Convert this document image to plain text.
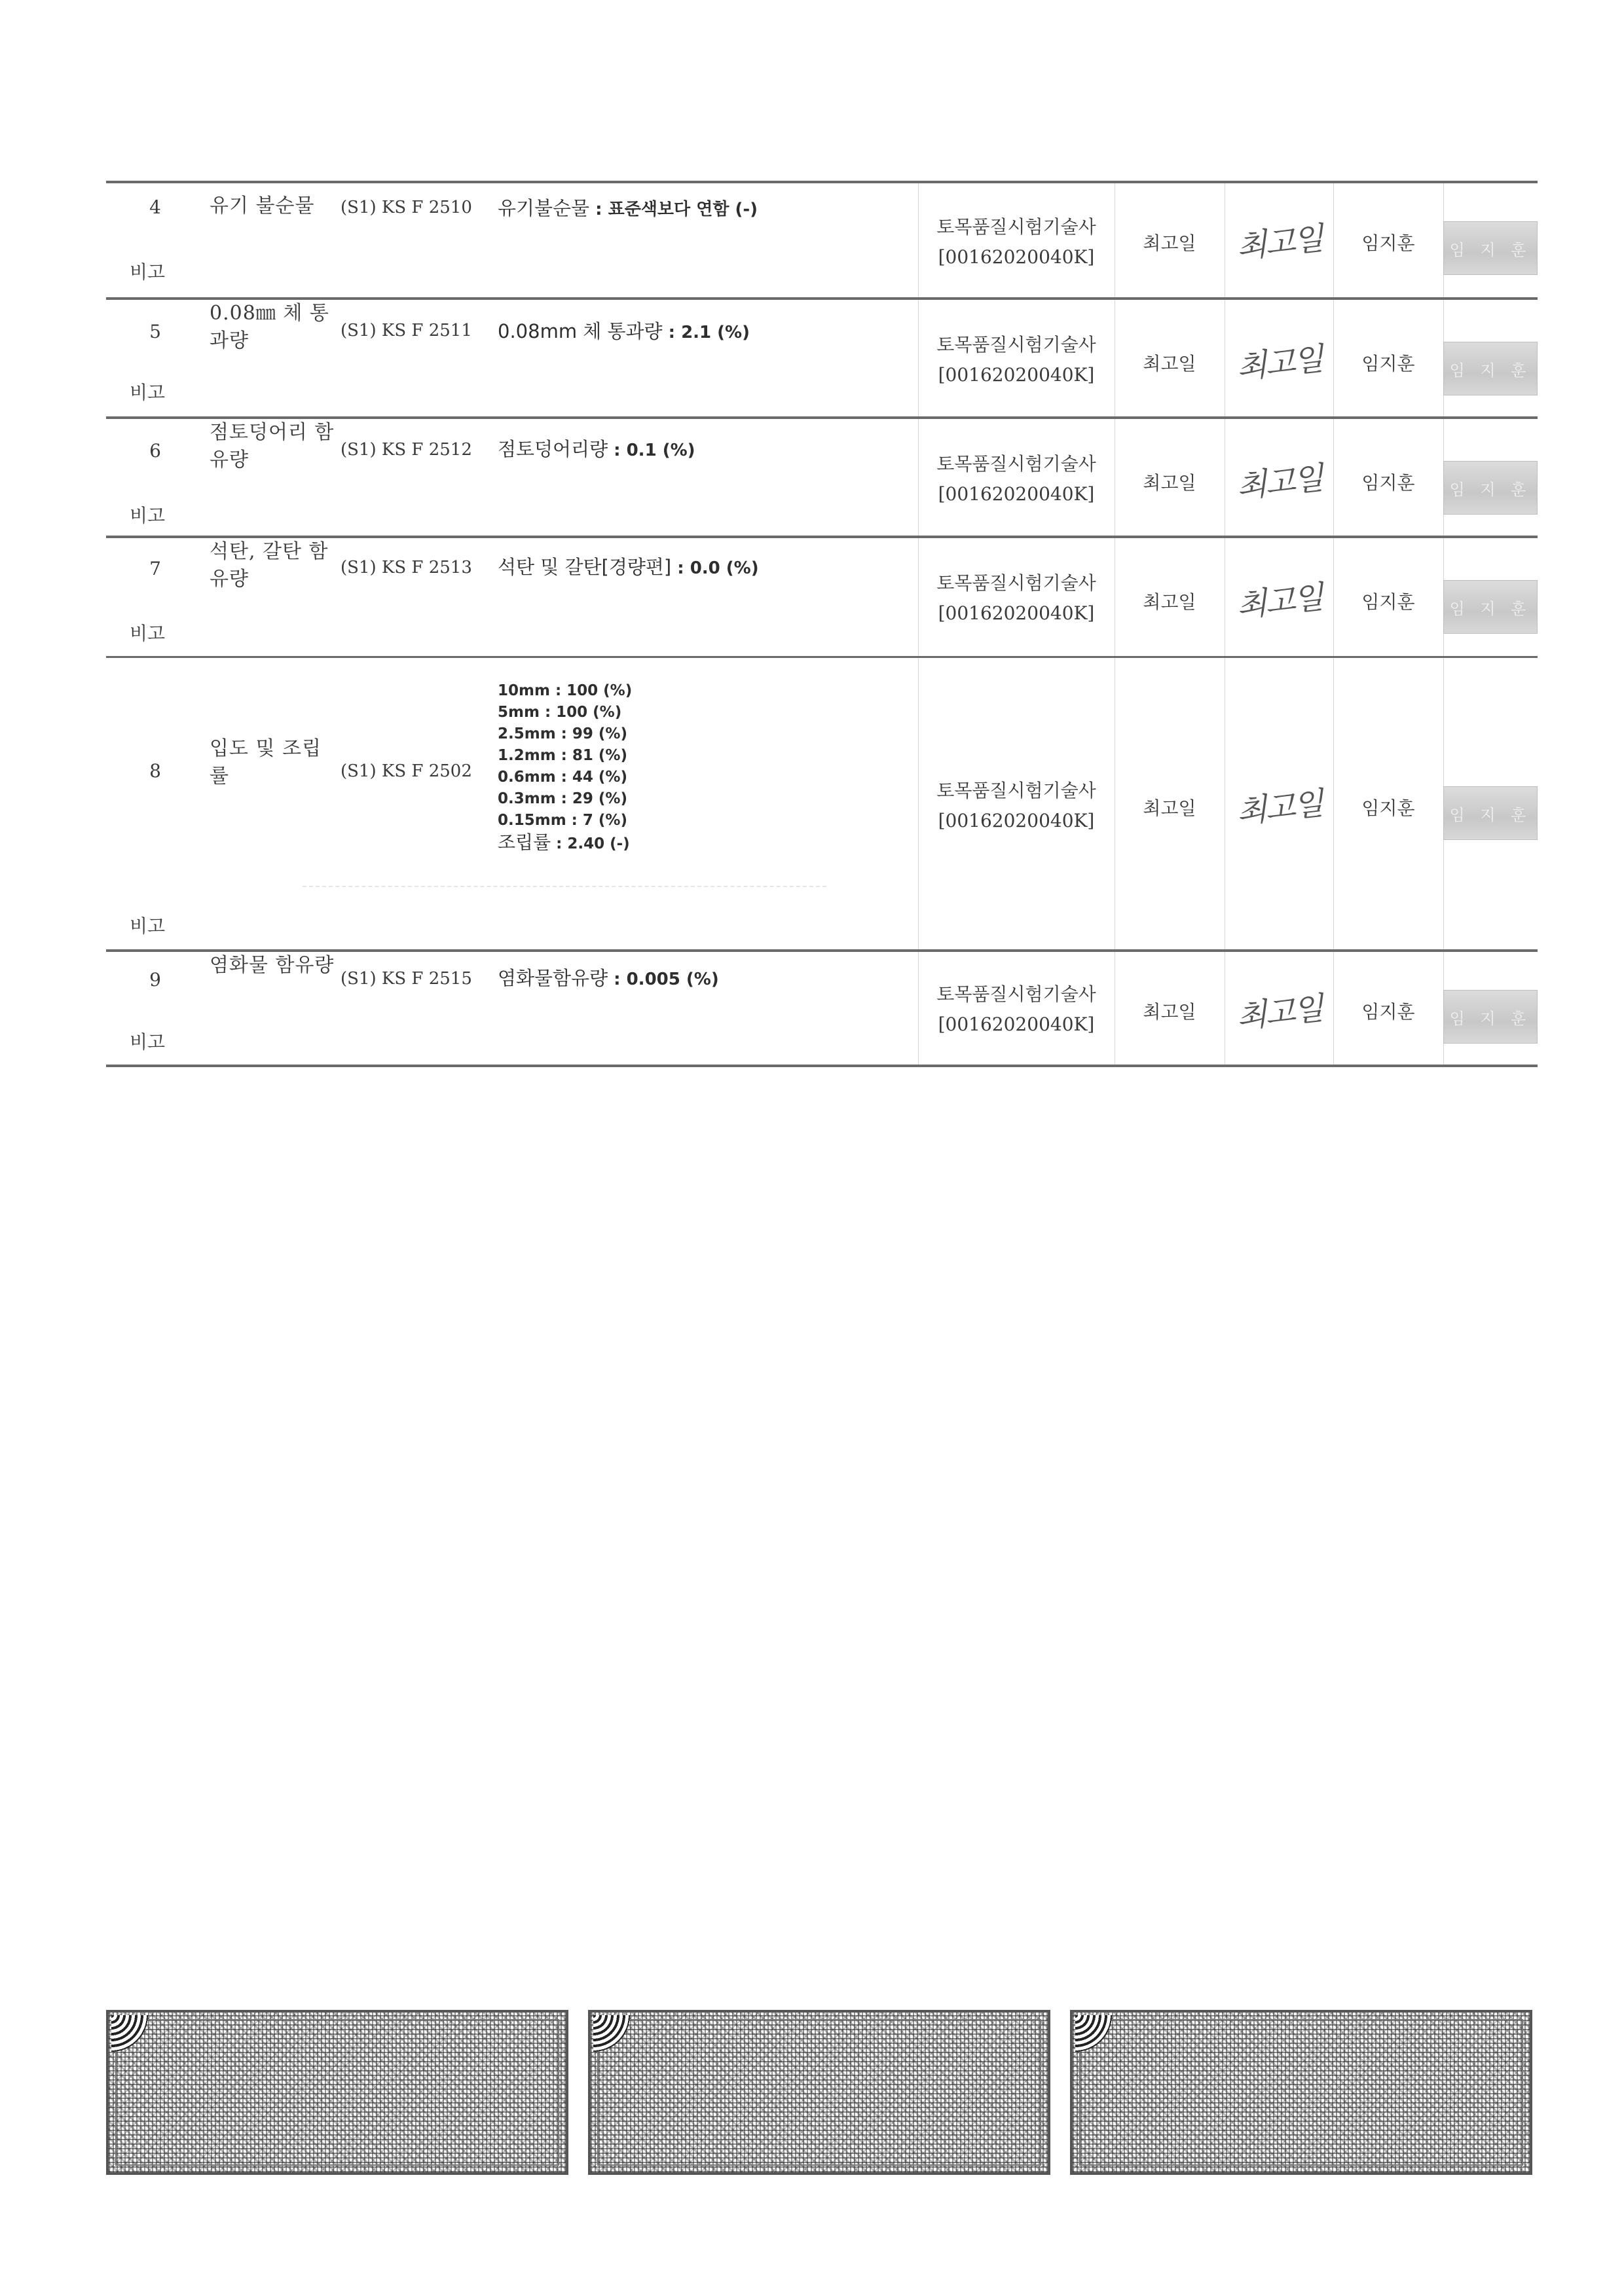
4	유기 불순물	(S1) KS F 2510	유기불순물 : 표준색보다 연함 (-)
토목품질시험기술사
[00162020040K]
최고일	최고일	임지훈	임 지 훈
비고
5
0.08㎜ 체 통과량	(S1) KS F 2511	0.08mm 체 통과량 : 2.1 (%)
토목품질시험기술사
[00162020040K]
최고일	최고일	임지훈	임 지 훈
비고
6
점토덩어리 함유량	(S1) KS F 2512	점토덩어리량 : 0.1 (%)
토목품질시험기술사
[00162020040K]
최고일	최고일	임지훈	임 지 훈
비고
7
석탄, 갈탄 함유량	(S1) KS F 2513	석탄 및 갈탄[경량편] : 0.0 (%)
토목품질시험기술사
[00162020040K]
최고일	최고일	임지훈	임 지 훈
비고
8
입도 및 조립률	(S1) KS F 2502
10mm : 100 (%)
5mm : 100 (%)
2.5mm : 99 (%)
1.2mm : 81 (%)
0.6mm : 44 (%)
0.3mm : 29 (%)
0.15mm : 7 (%)
조립률 : 2.40 (-)
토목품질시험기술사
[00162020040K]
최고일	최고일	임지훈	임 지 훈
비고
9
염화물 함유량
(S1) KS F 2515	염화물함유량 : 0.005 (%)
토목품질시험기술사
[00162020040K]
최고일	최고일	임지훈	임 지 훈
비고
